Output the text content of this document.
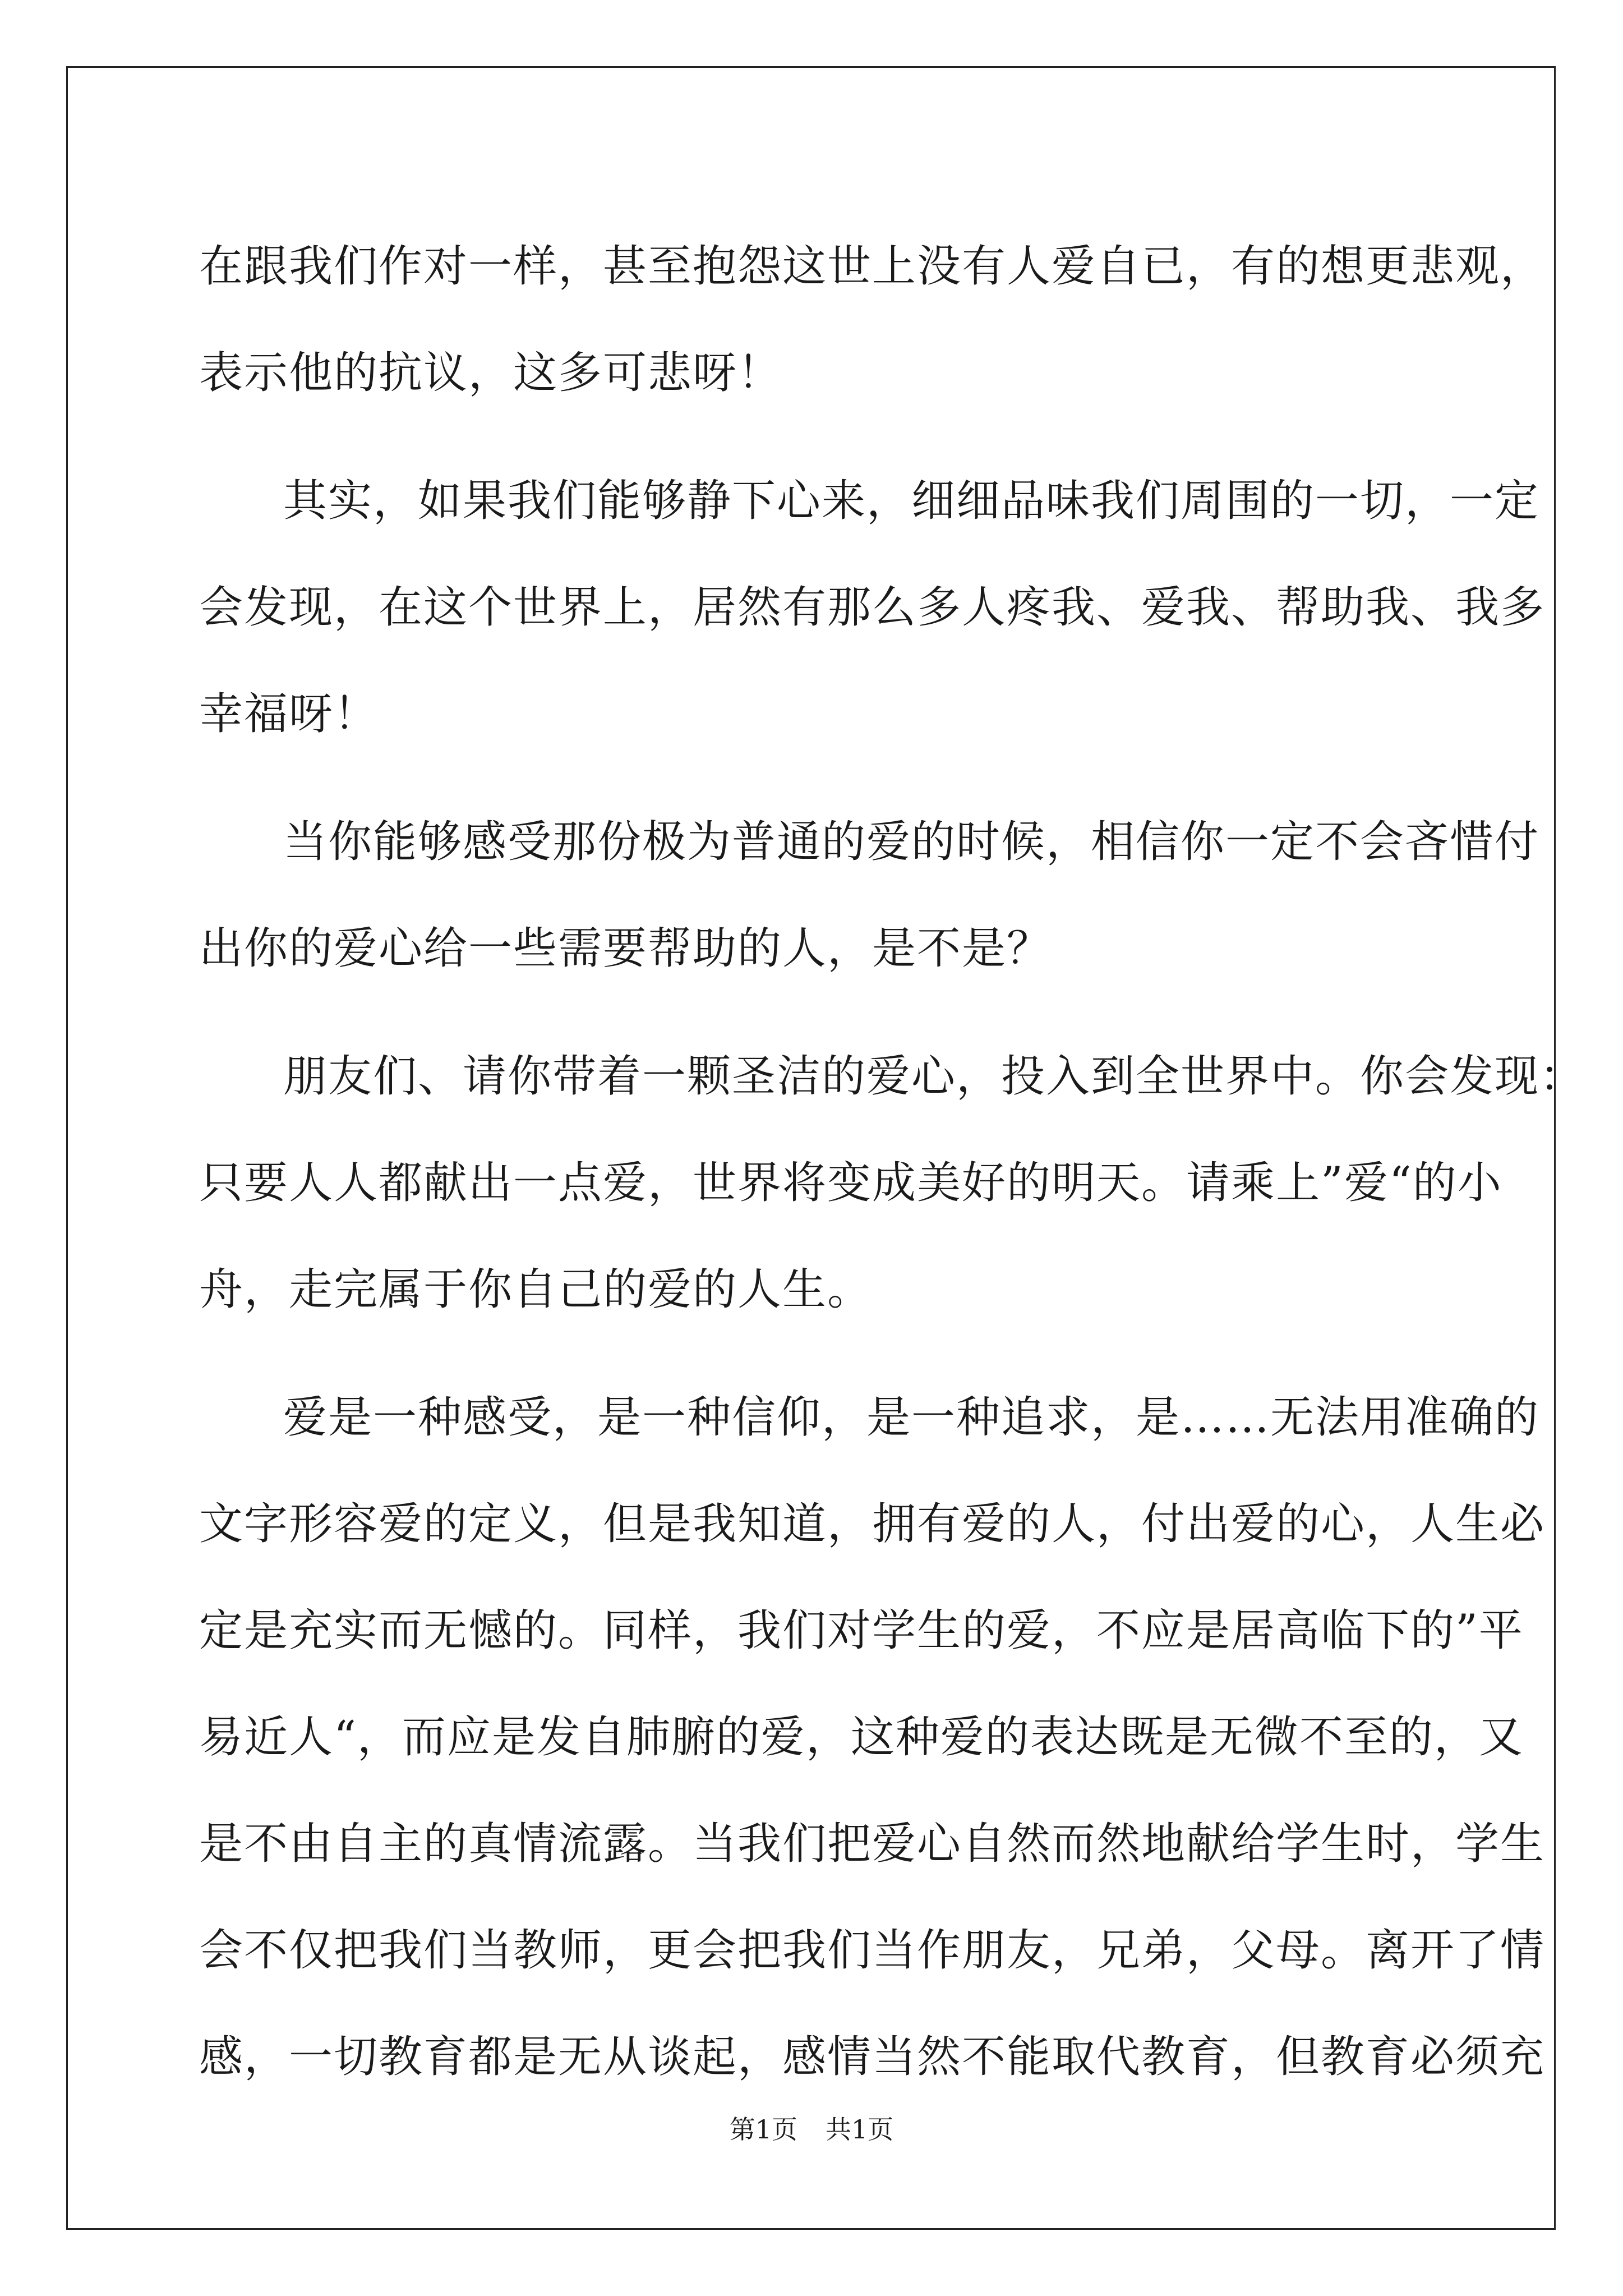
在跟我们作对一样，甚至抱怨这世上没有人爱自已，有的想更悲观，
表示他的抗议，这多可悲呀！
其实，如果我们能够静下心来，细细品味我们周围的一切，一定
会发现，在这个世界上，居然有那么多人疼我、爱我、帮助我、我多
幸福呀！
当你能够感受那份极为普通的爱的时候，相信你一定不会吝惜付
出你的爱心给一些需要帮助的人，是不是？
朋友们、请你带着一颗圣洁的爱心，投入到全世界中。你会发现：
只要人人都献出一点爱，世界将变成美好的明天。请乘上”爱“的小
舟，走完属于你自己的爱的人生。
爱是一种感受，是一种信仰，是一种追求，是……无法用准确的
文字形容爱的定义，但是我知道，拥有爱的人，付出爱的心，人生必
定是充实而无憾的。同样，我们对学生的爱，不应是居高临下的”平
易近人“，而应是发自肺腑的爱，这种爱的表达既是无微不至的，又
是不由自主的真情流露。当我们把爱心自然而然地献给学生时，学生
会不仅把我们当教师，更会把我们当作朋友，兄弟，父母。离开了情
感，一切教育都是无从谈起，感情当然不能取代教育，但教育必须充
第1页 共1页
